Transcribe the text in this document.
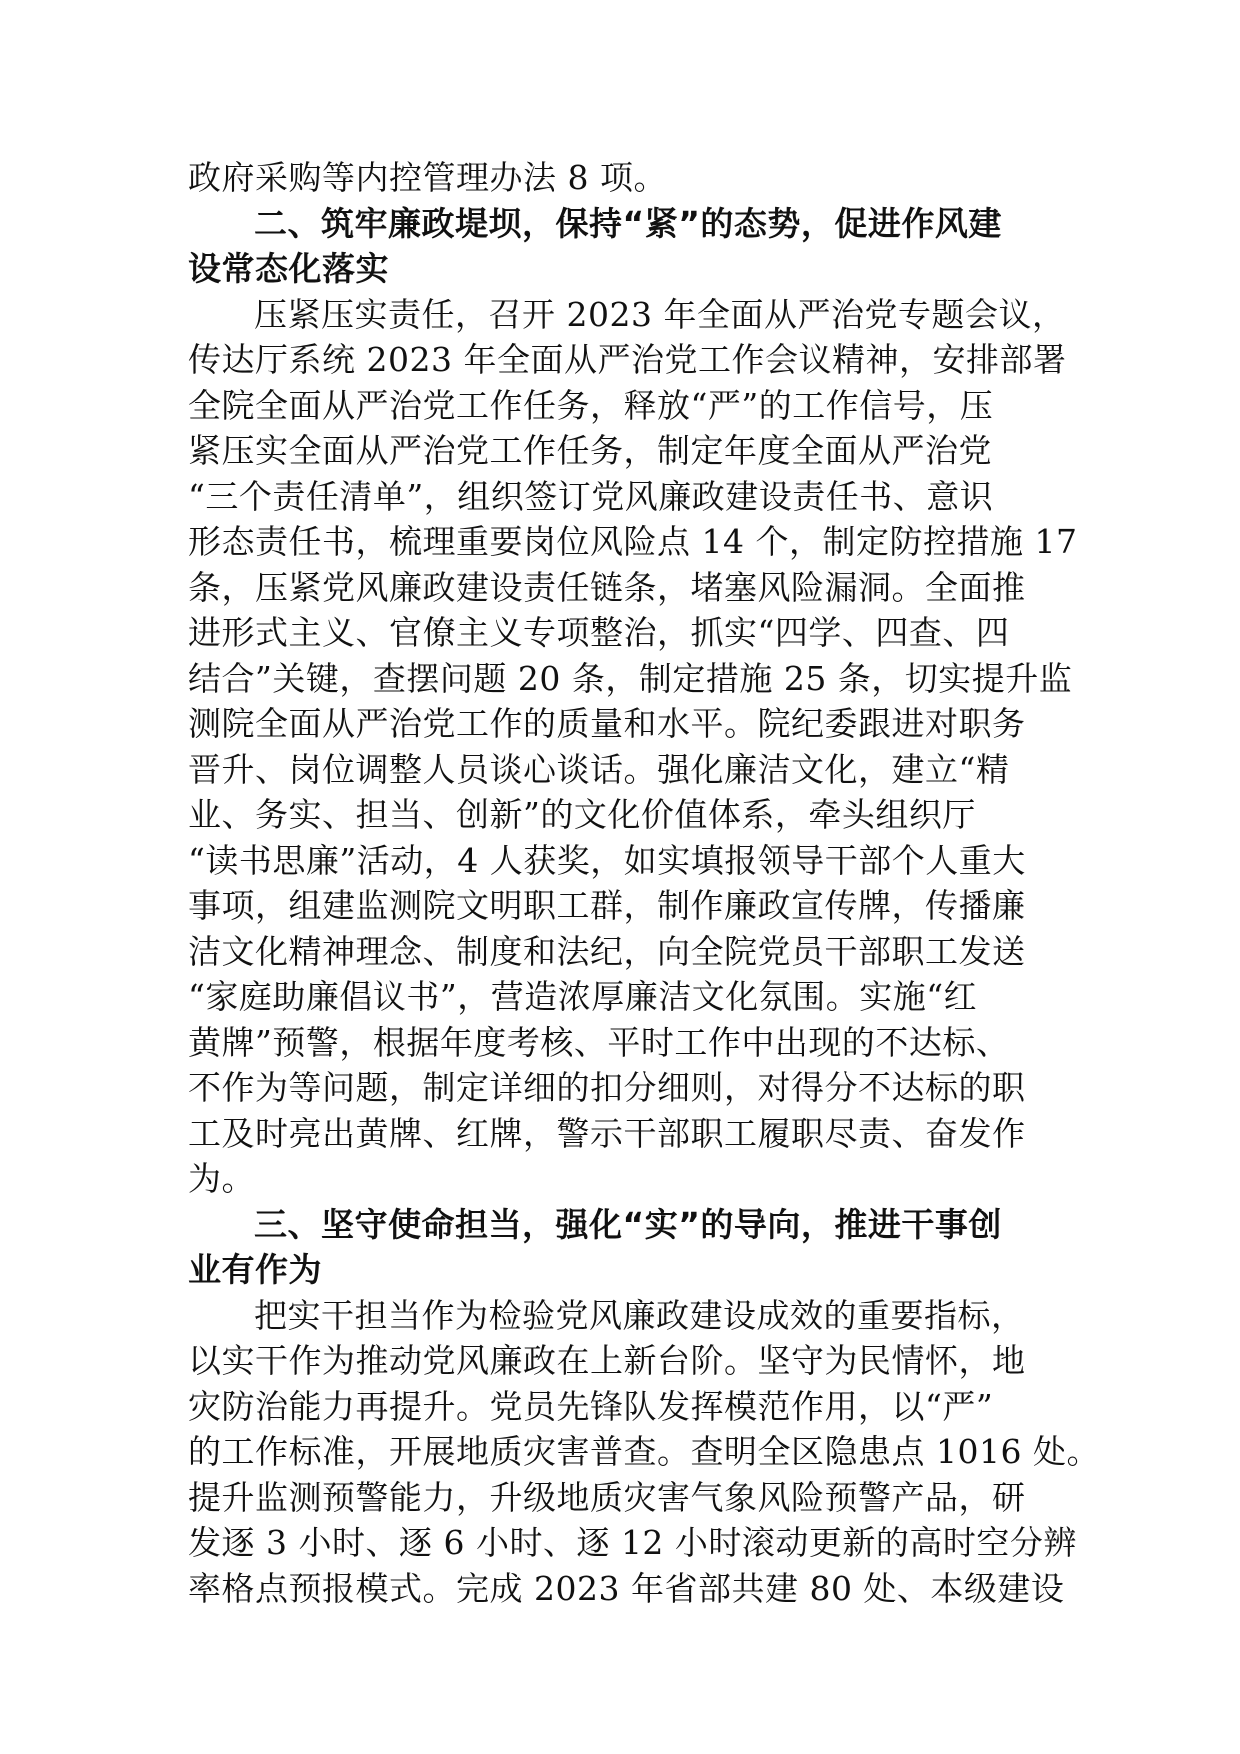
政府采购等内控管理办法 8 项。
二、筑牢廉政堤坝，保持“紧”的态势，促进作风建
设常态化落实
压紧压实责任，召开 2023 年全面从严治党专题会议，
传达厅系统 2023 年全面从严治党工作会议精神，安排部署
全院全面从严治党工作任务，释放“严”的工作信号，压
紧压实全面从严治党工作任务，制定年度全面从严治党
“三个责任清单”，组织签订党风廉政建设责任书、意识
形态责任书，梳理重要岗位风险点 14 个，制定防控措施 17
条，压紧党风廉政建设责任链条，堵塞风险漏洞。全面推
进形式主义、官僚主义专项整治，抓实“四学、四查、四
结合”关键，查摆问题 20 条，制定措施 25 条，切实提升监
测院全面从严治党工作的质量和水平。院纪委跟进对职务
晋升、岗位调整人员谈心谈话。强化廉洁文化，建立“精
业、务实、担当、创新”的文化价值体系，牵头组织厅
“读书思廉”活动，4 人获奖，如实填报领导干部个人重大
事项，组建监测院文明职工群，制作廉政宣传牌，传播廉
洁文化精神理念、制度和法纪，向全院党员干部职工发送
“家庭助廉倡议书”，营造浓厚廉洁文化氛围。实施“红
黄牌”预警，根据年度考核、平时工作中出现的不达标、
不作为等问题，制定详细的扣分细则，对得分不达标的职
工及时亮出黄牌、红牌，警示干部职工履职尽责、奋发作
为。
三、坚守使命担当，强化“实”的导向，推进干事创
业有作为
把实干担当作为检验党风廉政建设成效的重要指标，
以实干作为推动党风廉政在上新台阶。坚守为民情怀，地
灾防治能力再提升。党员先锋队发挥模范作用，以“严”
的工作标准，开展地质灾害普查。查明全区隐患点 1016 处。
提升监测预警能力，升级地质灾害气象风险预警产品，研
发逐 3 小时、逐 6 小时、逐 12 小时滚动更新的高时空分辨
率格点预报模式。完成 2023 年省部共建 80 处、本级建设
